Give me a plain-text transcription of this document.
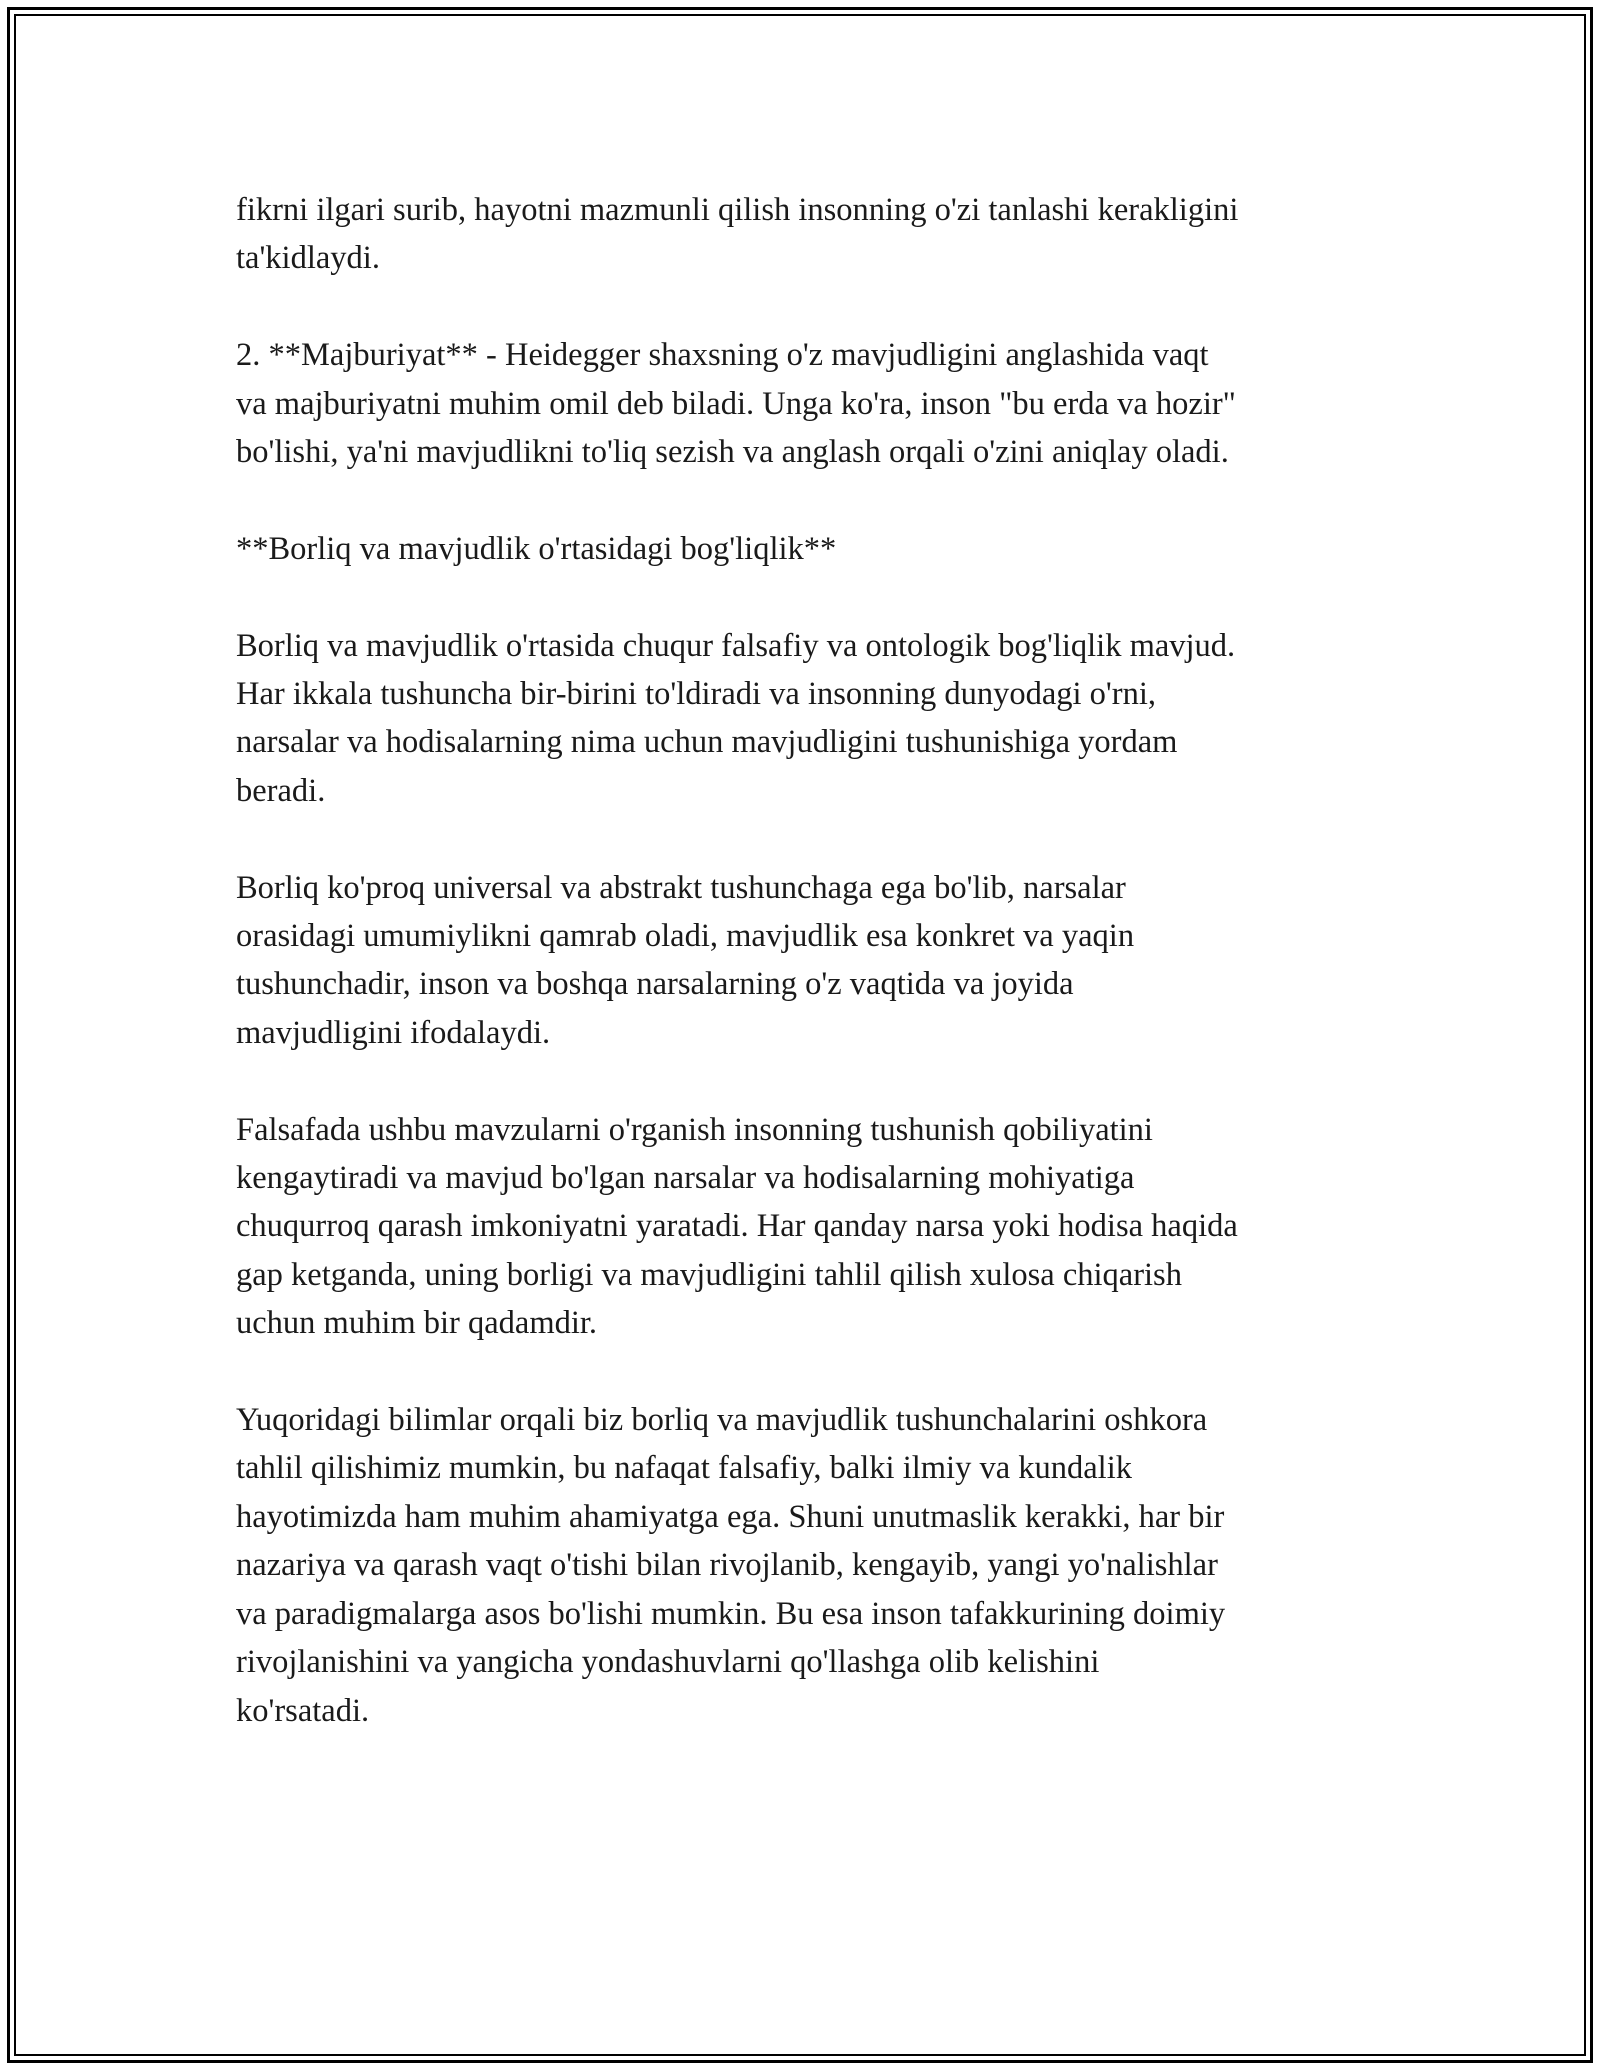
fikrni ilgari surib, hayotni mazmunli qilish insonning o'zi tanlashi kerakligini
ta'kidlaydi.

2. **Majburiyat** - Heidegger shaxsning o'z mavjudligini anglashida vaqt
va majburiyatni muhim omil deb biladi. Unga ko'ra, inson "bu erda va hozir"
bo'lishi, ya'ni mavjudlikni to'liq sezish va anglash orqali o'zini aniqlay oladi.

**Borliq va mavjudlik o'rtasidagi bog'liqlik**

Borliq va mavjudlik o'rtasida chuqur falsafiy va ontologik bog'liqlik mavjud.
Har ikkala tushuncha bir-birini to'ldiradi va insonning dunyodagi o'rni,
narsalar va hodisalarning nima uchun mavjudligini tushunishiga yordam
beradi.

Borliq ko'proq universal va abstrakt tushunchaga ega bo'lib, narsalar
orasidagi umumiylikni qamrab oladi, mavjudlik esa konkret va yaqin
tushunchadir, inson va boshqa narsalarning o'z vaqtida va joyida
mavjudligini ifodalaydi.

Falsafada ushbu mavzularni o'rganish insonning tushunish qobiliyatini
kengaytiradi va mavjud bo'lgan narsalar va hodisalarning mohiyatiga
chuqurroq qarash imkoniyatni yaratadi. Har qanday narsa yoki hodisa haqida
gap ketganda, uning borligi va mavjudligini tahlil qilish xulosa chiqarish
uchun muhim bir qadamdir.

Yuqoridagi bilimlar orqali biz borliq va mavjudlik tushunchalarini oshkora
tahlil qilishimiz mumkin, bu nafaqat falsafiy, balki ilmiy va kundalik
hayotimizda ham muhim ahamiyatga ega. Shuni unutmaslik kerakki, har bir
nazariya va qarash vaqt o'tishi bilan rivojlanib, kengayib, yangi yo'nalishlar
va paradigmalarga asos bo'lishi mumkin. Bu esa inson tafakkurining doimiy
rivojlanishini va yangicha yondashuvlarni qo'llashga olib kelishini
ko'rsatadi.
